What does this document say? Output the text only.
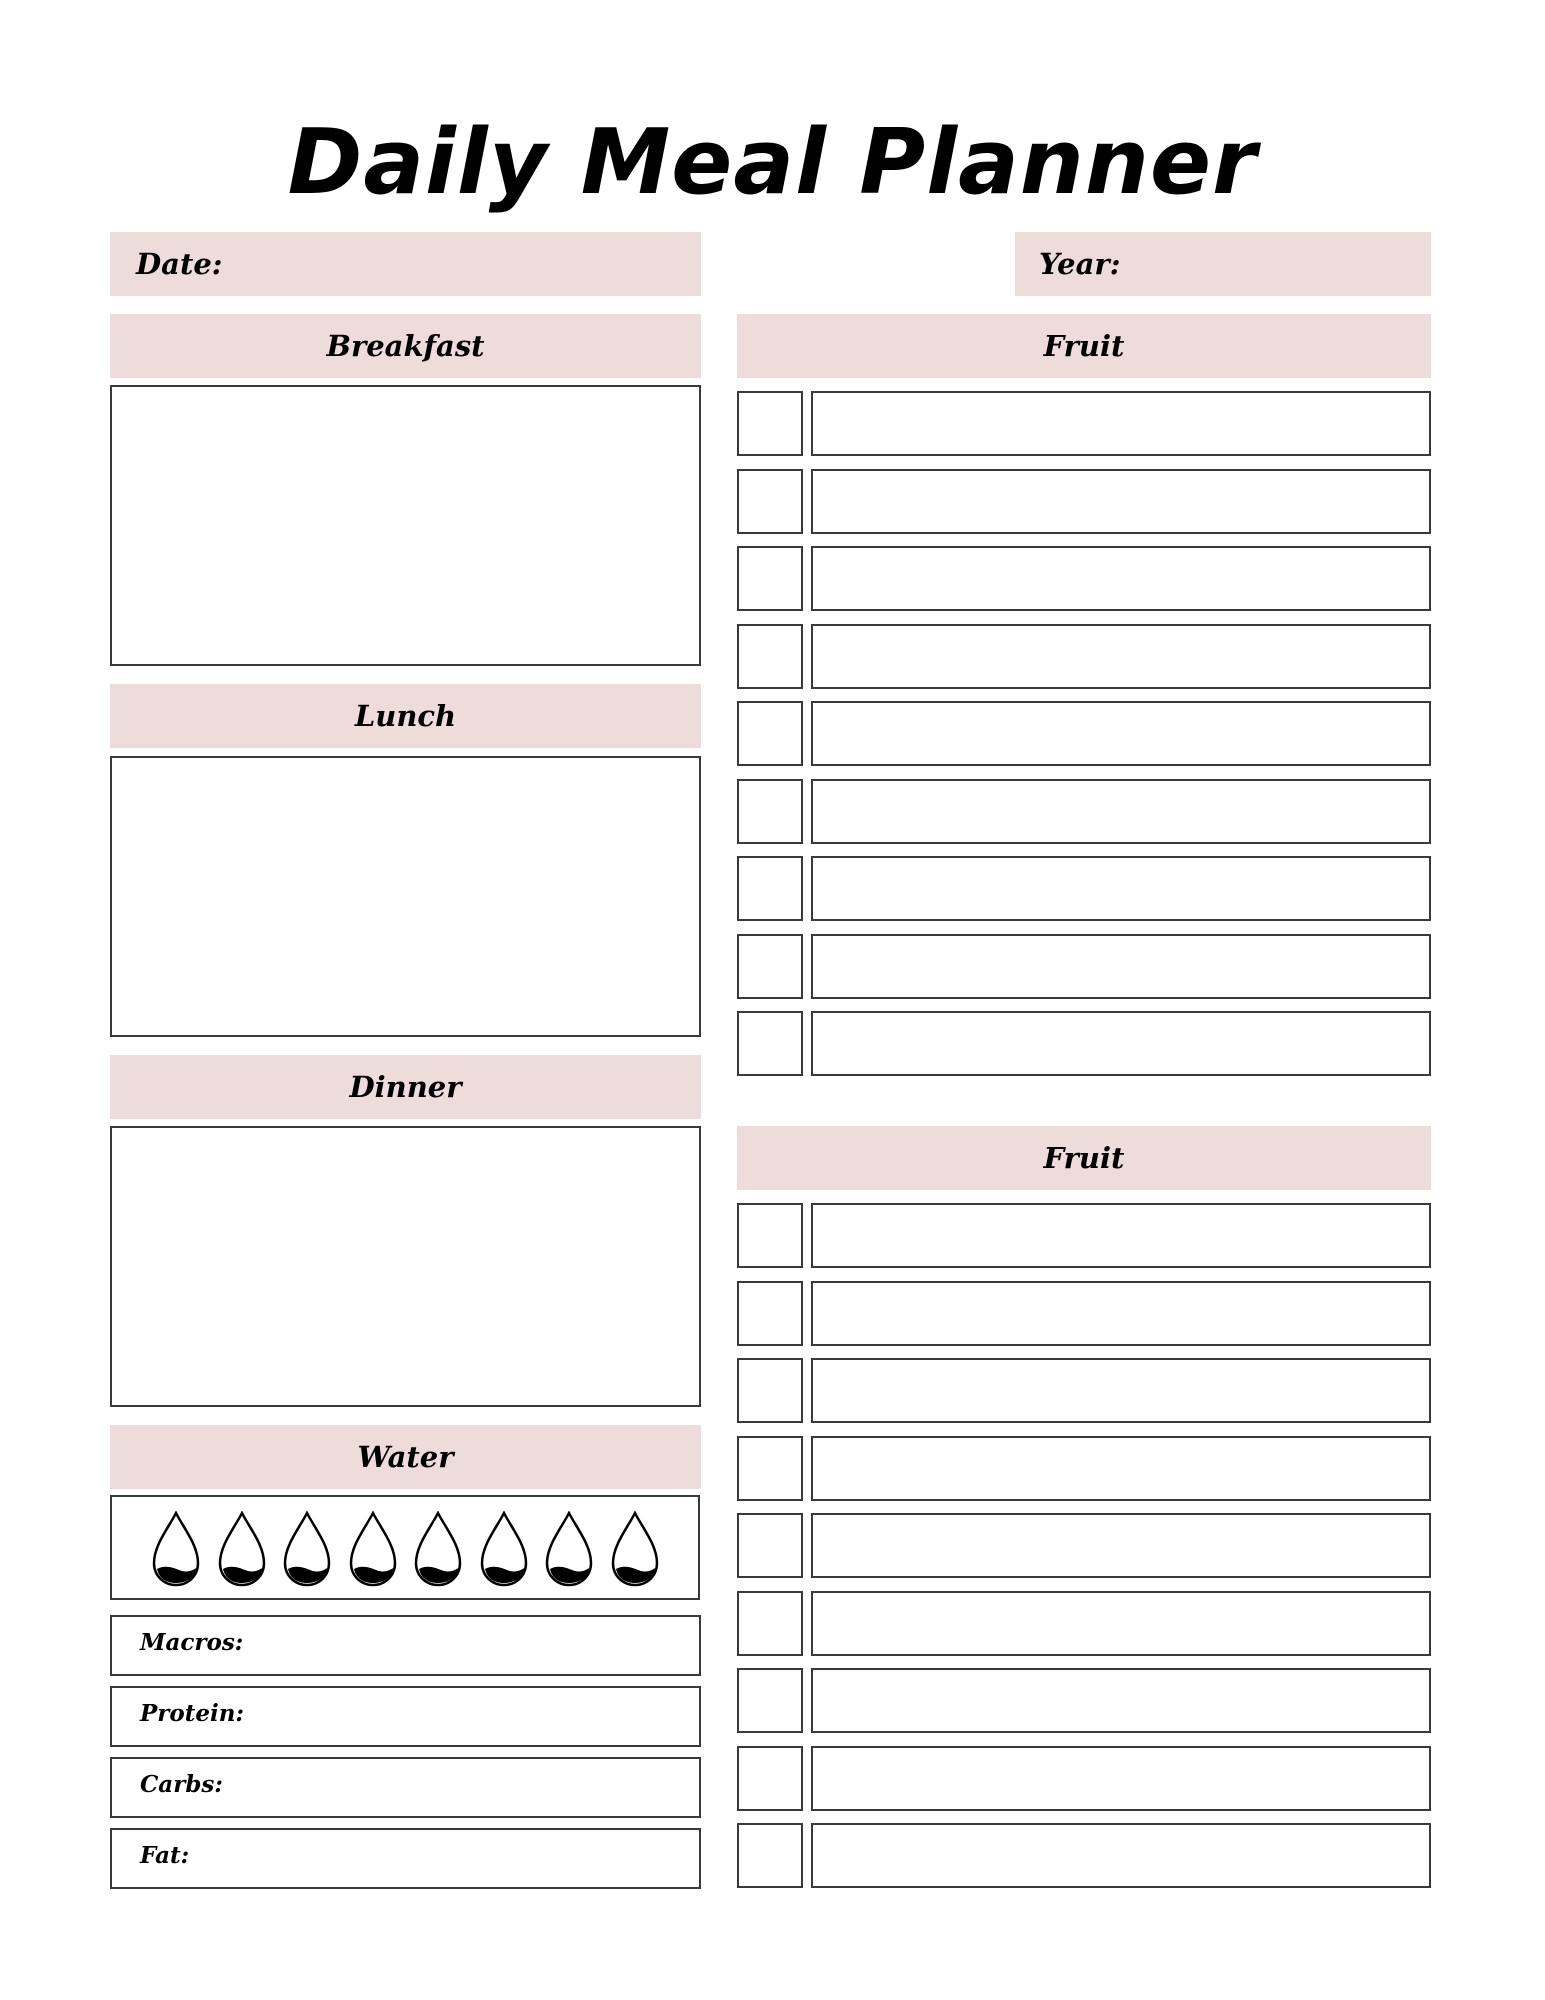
Daily Meal Planner
Date:	Year:
Breakfast
Lunch
Dinner
Water
Macros:
Protein:
Carbs:
Fat:
Fruit
Fruit
